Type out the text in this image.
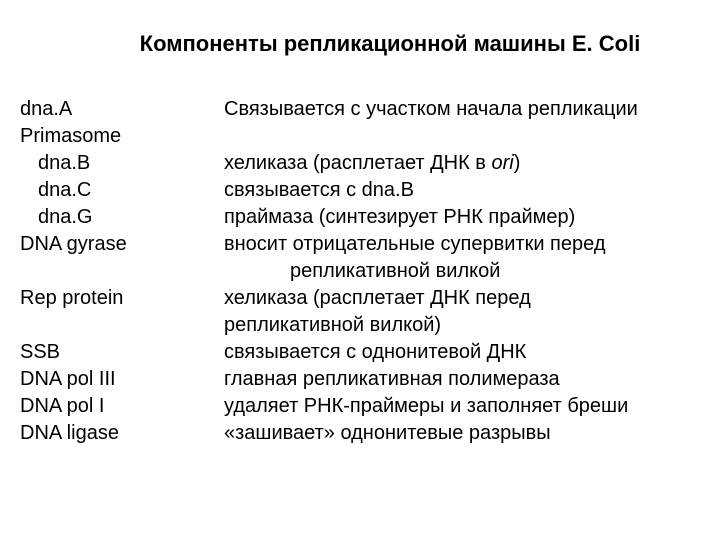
Компоненты репликационной машины E. Coli
dna.A
Primasome
dna.B
dna.C
dna.G
DNA gyrase
Rep protein
SSB
DNA pol III
DNA pol I
DNA ligase
Связывается с участком начала репликации
хеликаза (расплетает ДНК в ori)
связывается с dna.B
праймаза (синтезирует РНК праймер)
вносит отрицательные супервитки перед
репликативной вилкой
хеликаза (расплетает ДНК перед
репликативной вилкой)
связывается с однонитевой ДНК
главная репликативная полимераза
удаляет РНК-праймеры и заполняет бреши
«зашивает» однонитевые разрывы
